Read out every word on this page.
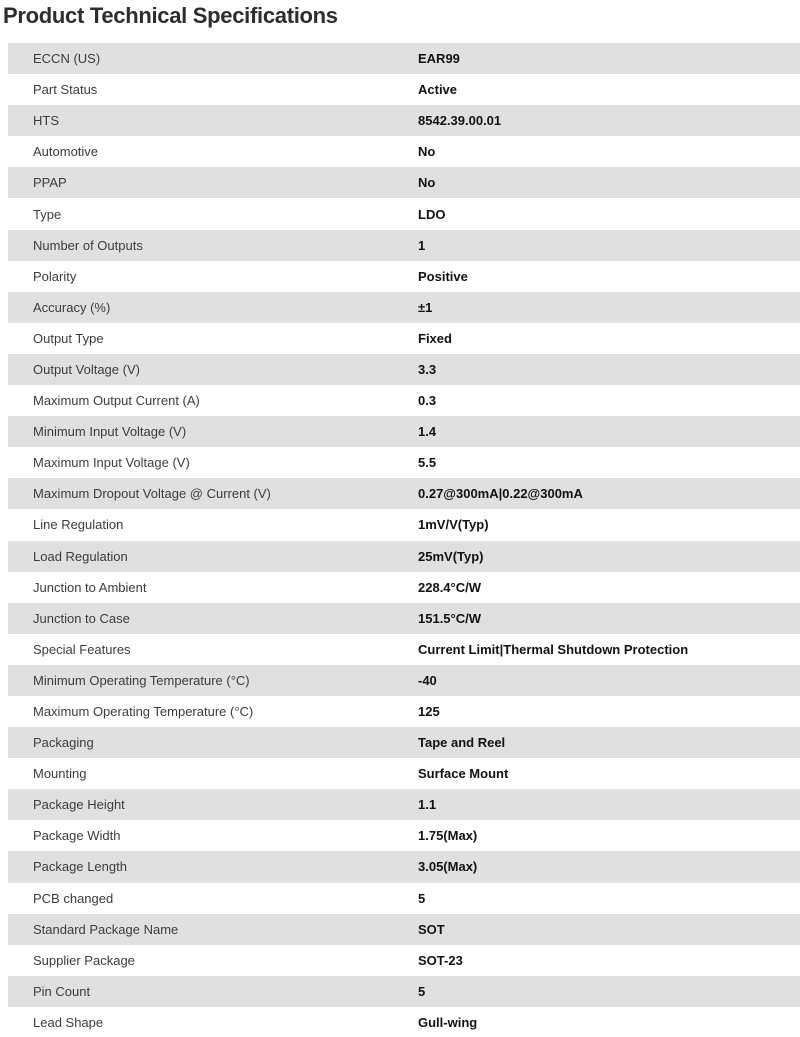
Product Technical Specifications
ECCN (US)	EAR99
Part Status	Active
HTS	8542.39.00.01
Automotive	No
PPAP	No
Type	LDO
Number of Outputs	1
Polarity	Positive
Accuracy (%)	±1
Output Type	Fixed
Output Voltage (V)	3.3
Maximum Output Current (A)	0.3
Minimum Input Voltage (V)	1.4
Maximum Input Voltage (V)	5.5
Maximum Dropout Voltage @ Current (V)	0.27@300mA|0.22@300mA
Line Regulation	1mV/V(Typ)
Load Regulation	25mV(Typ)
Junction to Ambient	228.4°C/W
Junction to Case	151.5°C/W
Special Features	Current Limit|Thermal Shutdown Protection
Minimum Operating Temperature (°C)	-40
Maximum Operating Temperature (°C)	125
Packaging	Tape and Reel
Mounting	Surface Mount
Package Height	1.1
Package Width	1.75(Max)
Package Length	3.05(Max)
PCB changed	5
Standard Package Name	SOT
Supplier Package	SOT-23
Pin Count	5
Lead Shape	Gull-wing
